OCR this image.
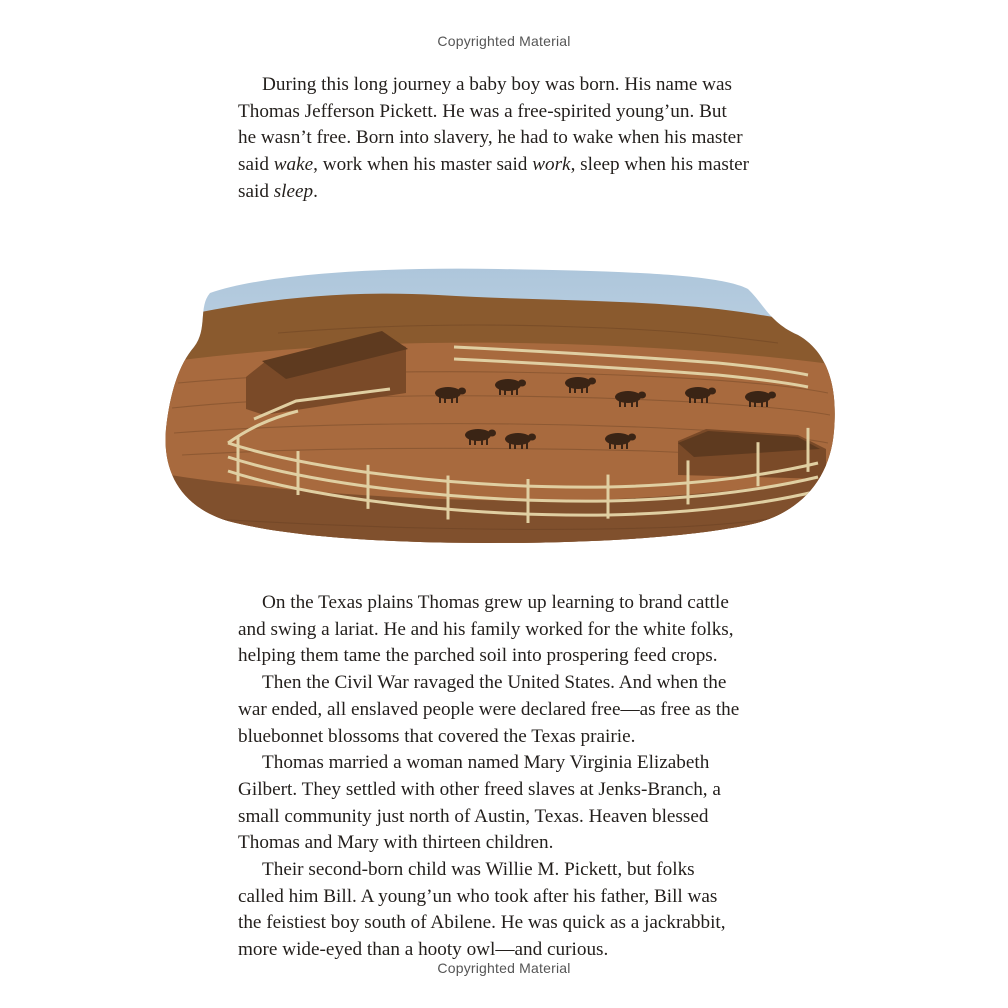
Copyrighted Material

During this long journey a baby boy was born. His name was
Thomas Jefferson Pickett. He was a free-spirited young’un. But
he wasn’t free. Born into slavery, he had to wake when his master
said wake, work when his master said work, sleep when his master
said sleep.

On the Texas plains Thomas grew up learning to brand cattle
and swing a lariat. He and his family worked for the white folks,
helping them tame the parched soil into prospering feed crops.
Then the Civil War ravaged the United States. And when the
war ended, all enslaved people were declared free—as free as the
bluebonnet blossoms that covered the Texas prairie.
Thomas married a woman named Mary Virginia Elizabeth
Gilbert. They settled with other freed slaves at Jenks-Branch, a
small community just north of Austin, Texas. Heaven blessed
Thomas and Mary with thirteen children.
Their second-born child was Willie M. Pickett, but folks
called him Bill. A young’un who took after his father, Bill was
the feistiest boy south of Abilene. He was quick as a jackrabbit,
more wide-eyed than a hooty owl—and curious.

Copyrighted Material
